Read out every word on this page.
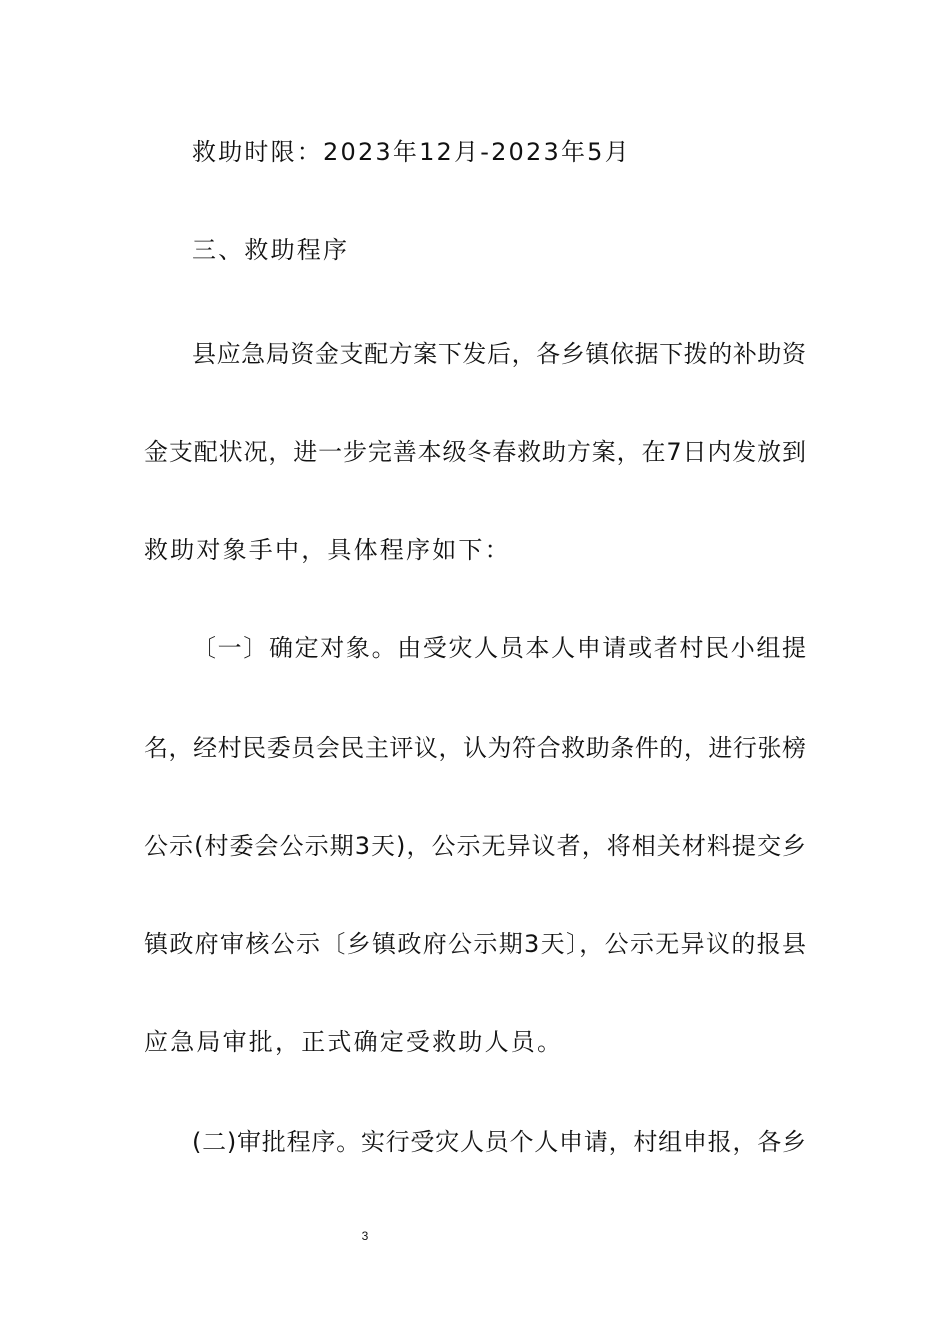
救助时限：2023年12月-2023年5月
三、救助程序
县应急局资金支配方案下发后，各乡镇依据下拨的补助资
金支配状况，进一步完善本级冬春救助方案，在7日内发放到
救助对象手中，具体程序如下：
〔一〕确定对象。由受灾人员本人申请或者村民小组提
名，经村民委员会民主评议，认为符合救助条件的，进行张榜
公示(村委会公示期3天)，公示无异议者，将相关材料提交乡
镇政府审核公示〔乡镇政府公示期3天〕，公示无异议的报县
应急局审批，正式确定受救助人员。
(二)审批程序。实行受灾人员个人申请，村组申报，各乡
3
